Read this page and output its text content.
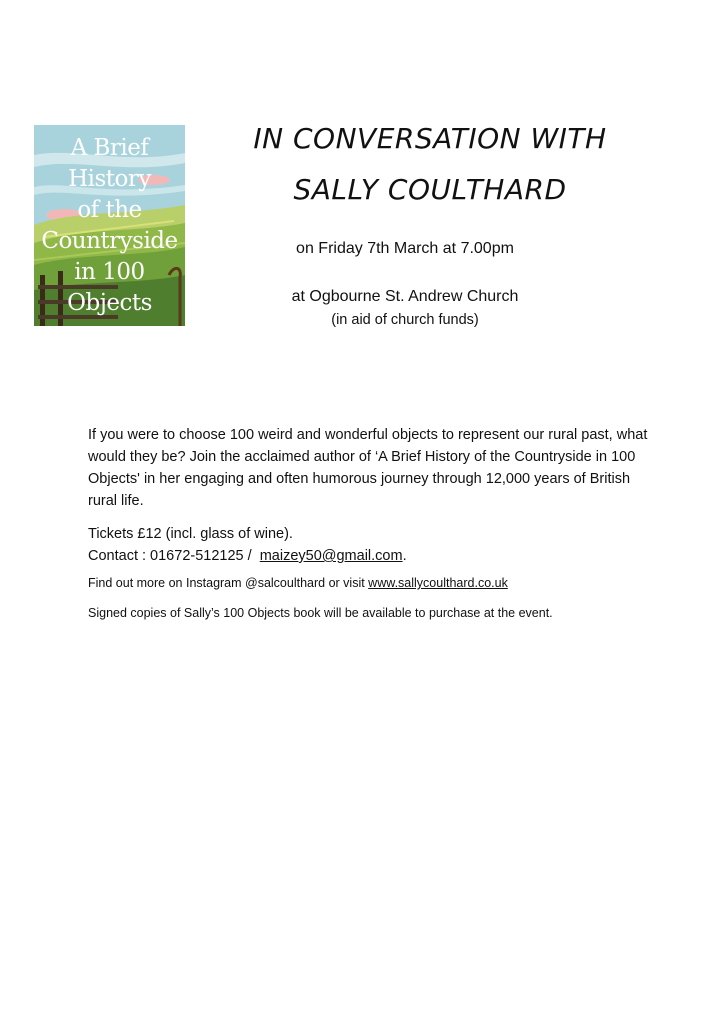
A Brief
History
of the
Countryside
in 100
Objects
IN CONVERSATION WITH
SALLY COULTHARD
on Friday 7th March at 7.00pm
at Ogbourne St. Andrew Church
(in aid of church funds)
If you were to choose 100 weird and wonderful objects to represent our rural past, what would they be? Join the acclaimed author of ‘A Brief History of the Countryside in 100 Objects' in her engaging and often humorous journey through 12,000 years of British rural life.
Tickets £12 (incl. glass of wine).
Contact : 01672-512125 /  maizey50@gmail.com.
Find out more on Instagram @salcoulthard or visit www.sallycoulthard.co.uk
Signed copies of Sally’s 100 Objects book will be available to purchase at the event.
